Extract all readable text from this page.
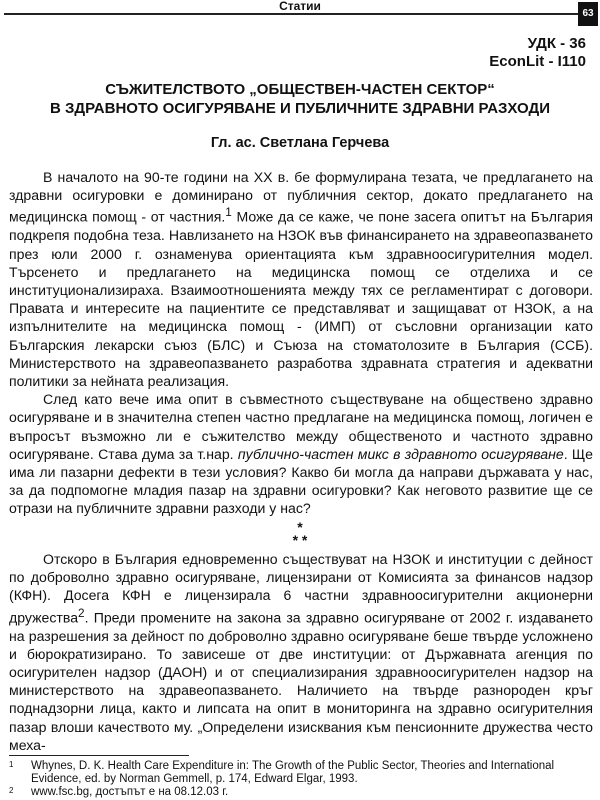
Статии
63
УДК - 36
EconLit - I110
СЪЖИТЕЛСТВОТО „ОБЩЕСТВЕН-ЧАСТЕН СЕКТОР“
В ЗДРАВНОТО ОСИГУРЯВАНЕ И ПУБЛИЧНИТЕ ЗДРАВНИ РАЗХОДИ
Гл. ас. Светлана Герчева

В началото на 90-те години на XX в. бе формулирана тезата, че предлагането на здравни осигуровки е доминирано от публичния сектор, докато предлагането на медицинска помощ - от частния.$^1$ Може да се каже, че поне засега опитът на България подкрепя подобна теза. Навлизането на НЗОК във финансирането на здравеопазването през юли 2000 г. ознаменува ориентацията към здравноосигурителния модел. Търсенето и предлагането на медицинска помощ се отделиха и се институционализираха. Взаимоотношенията между тях се регламентират с договори. Правата и интересите на пациентите се представляват и защищават от НЗОК, а на изпълнителите на медицинска помощ - (ИМП) от съсловни организации като Българския лекарски съюз (БЛС) и Съюза на стоматолозите в България (ССБ). Министерството на здравеопазването разработва здравната стратегия и адекватни политики за нейната реализация.

След като вече има опит в съвместното съществуване на обществено здравно осигуряване и в значителна степен частно предлагане на медицинска помощ, логичен е въпросът възможно ли е съжителство между общественото и частното здравно осигуряване. Става дума за т.нар. публично-частен микс в здравното осигуряване. Ще има ли пазарни дефекти в тези условия? Какво би могла да направи държавата у нас, за да подпомогне младия пазар на здравни осигуровки? Как неговото развитие ще се отрази на публичните здравни разходи у нас?

*
* *

Отскоро в България едновременно съществуват на НЗОК и институции с дейност по доброволно здравно осигуряване, лицензирани от Комисията за финансов надзор (КФН). Досега КФН е лицензирала 6 частни здравноосигурителни акционерни дружества$^2$. Преди промените на закона за здравно осигуряване от 2002 г. издаването на разрешения за дейност по доброволно здравно осигуряване беше твърде усложнено и бюрократизирано. То зависеше от две институции: от Държавната агенция по осигурителен надзор (ДАОН) и от специализирания здравноосигурителен надзор на министерството на здравеопазването. Наличието на твърде разнороден кръг поднадзорни лица, както и липсата на опит в мониторинга на здравно осигурителния пазар влоши качеството му. „Определени изисквания към пенсионните дружества често меха-

1 Whynes, D. K. Health Care Expenditure in: The Growth of the Public Sector, Theories and International Evidence, ed. by Norman Gemmell, p. 174, Edward Elgar, 1993.
2 www.fsc.bg, достъпът е на 08.12.03 г.
